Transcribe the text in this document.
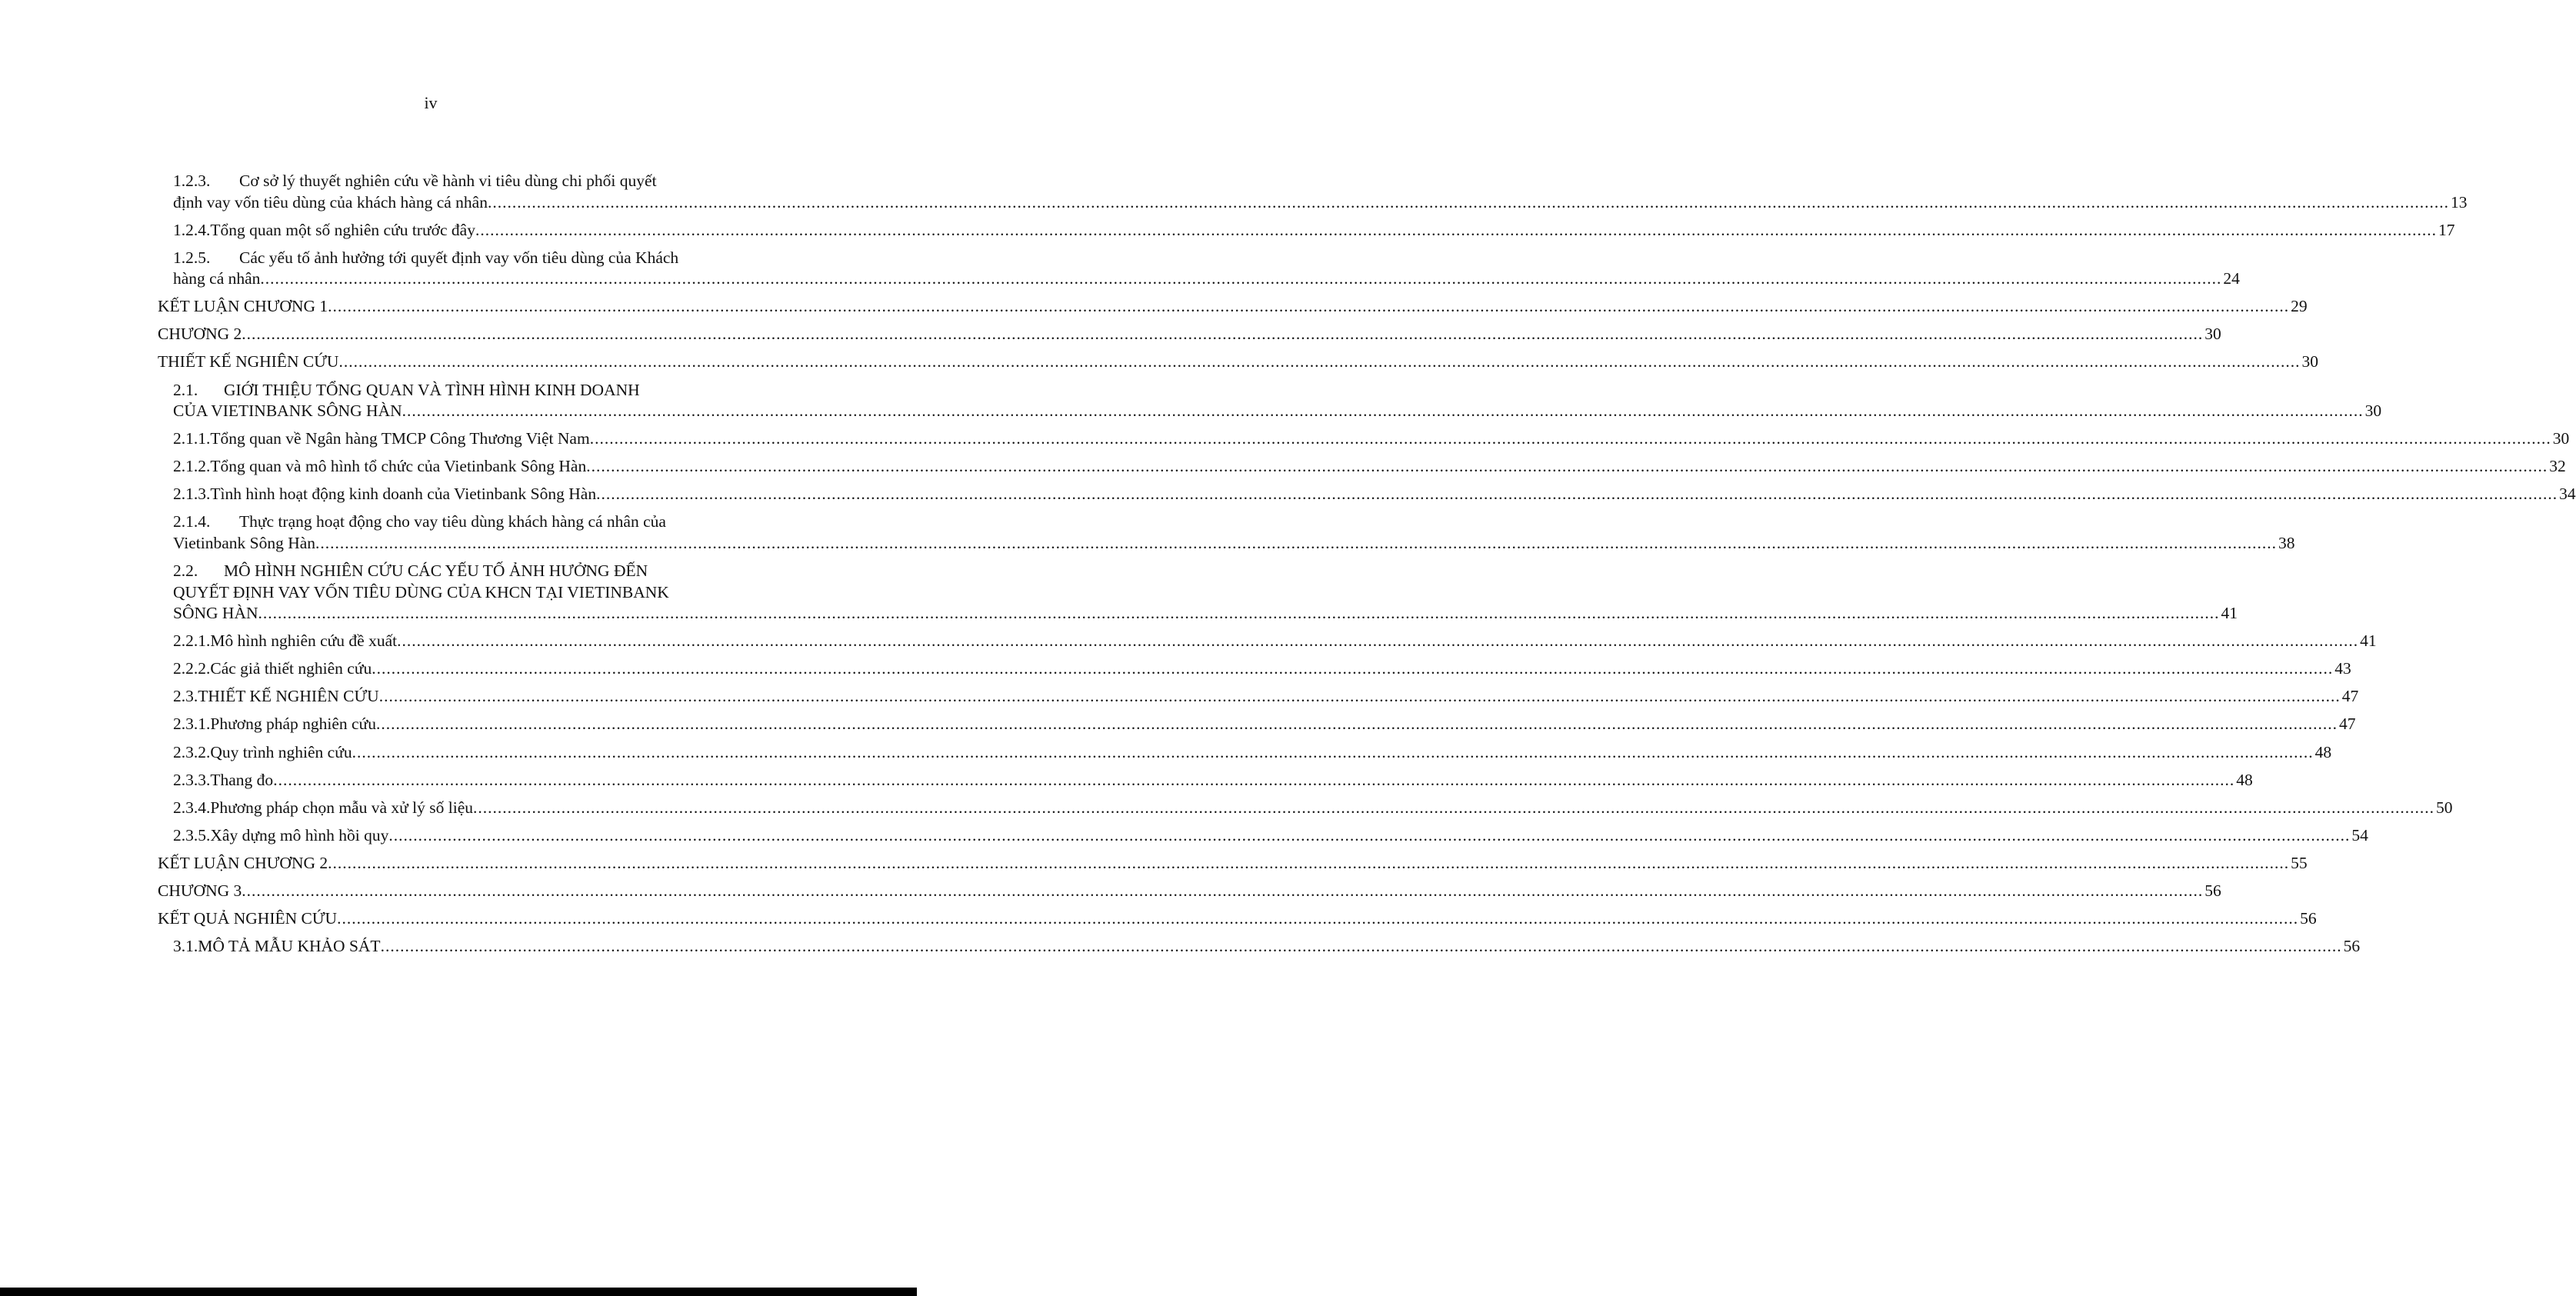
iv
1.2.3. Cơ sở lý thuyết nghiên cứu về hành vi tiêu dùng chi phối quyết
định vay vốn tiêu dùng của khách hàng cá nhân ................................................................................................................................................................................................................................................................................................................................................................................................................ 13
1.2.4. Tổng quan một số nghiên cứu trước đây ................................................................................................................................................................................................................................................................................................................................................................................................................ 17
1.2.5. Các yếu tố ảnh hưởng tới quyết định vay vốn tiêu dùng của Khách
hàng cá nhân ................................................................................................................................................................................................................................................................................................................................................................................................................ 24
KẾT LUẬN CHƯƠNG 1 ................................................................................................................................................................................................................................................................................................................................................................................................................ 29
CHƯƠNG 2 ................................................................................................................................................................................................................................................................................................................................................................................................................ 30
THIẾT KẾ NGHIÊN CỨU ................................................................................................................................................................................................................................................................................................................................................................................................................ 30
2.1. GIỚI THIỆU TỔNG QUAN VÀ TÌNH HÌNH KINH DOANH
CỦA VIETINBANK SÔNG HÀN ................................................................................................................................................................................................................................................................................................................................................................................................................ 30
2.1.1. Tổng quan về Ngân hàng TMCP Công Thương Việt Nam ................................................................................................................................................................................................................................................................................................................................................................................................................ 30
2.1.2. Tổng quan và mô hình tổ chức của Vietinbank Sông Hàn ................................................................................................................................................................................................................................................................................................................................................................................................................ 32
2.1.3. Tình hình hoạt động kinh doanh của Vietinbank Sông Hàn ................................................................................................................................................................................................................................................................................................................................................................................................................ 34
2.1.4. Thực trạng hoạt động cho vay tiêu dùng khách hàng cá nhân của
Vietinbank Sông Hàn ................................................................................................................................................................................................................................................................................................................................................................................................................ 38
2.2. MÔ HÌNH NGHIÊN CỨU CÁC YẾU TỐ ẢNH HƯỞNG ĐẾN
QUYẾT ĐỊNH VAY VỐN TIÊU DÙNG CỦA KHCN TẠI VIETINBANK
SÔNG HÀN ................................................................................................................................................................................................................................................................................................................................................................................................................ 41
2.2.1. Mô hình nghiên cứu đề xuất ................................................................................................................................................................................................................................................................................................................................................................................................................ 41
2.2.2. Các giả thiết nghiên cứu ................................................................................................................................................................................................................................................................................................................................................................................................................ 43
2.3. THIẾT KẾ NGHIÊN CỨU ................................................................................................................................................................................................................................................................................................................................................................................................................ 47
2.3.1. Phương pháp nghiên cứu ................................................................................................................................................................................................................................................................................................................................................................................................................ 47
2.3.2. Quy trình nghiên cứu ................................................................................................................................................................................................................................................................................................................................................................................................................ 48
2.3.3. Thang đo ................................................................................................................................................................................................................................................................................................................................................................................................................ 48
2.3.4. Phương pháp chọn mẫu và xử lý số liệu ................................................................................................................................................................................................................................................................................................................................................................................................................ 50
2.3.5. Xây dựng mô hình hồi quy ................................................................................................................................................................................................................................................................................................................................................................................................................ 54
KẾT LUẬN CHƯƠNG 2 ................................................................................................................................................................................................................................................................................................................................................................................................................ 55
CHƯƠNG 3 ................................................................................................................................................................................................................................................................................................................................................................................................................ 56
KẾT QUẢ NGHIÊN CỨU ................................................................................................................................................................................................................................................................................................................................................................................................................ 56
3.1. MÔ TẢ MẪU KHẢO SÁT ................................................................................................................................................................................................................................................................................................................................................................................................................ 56
